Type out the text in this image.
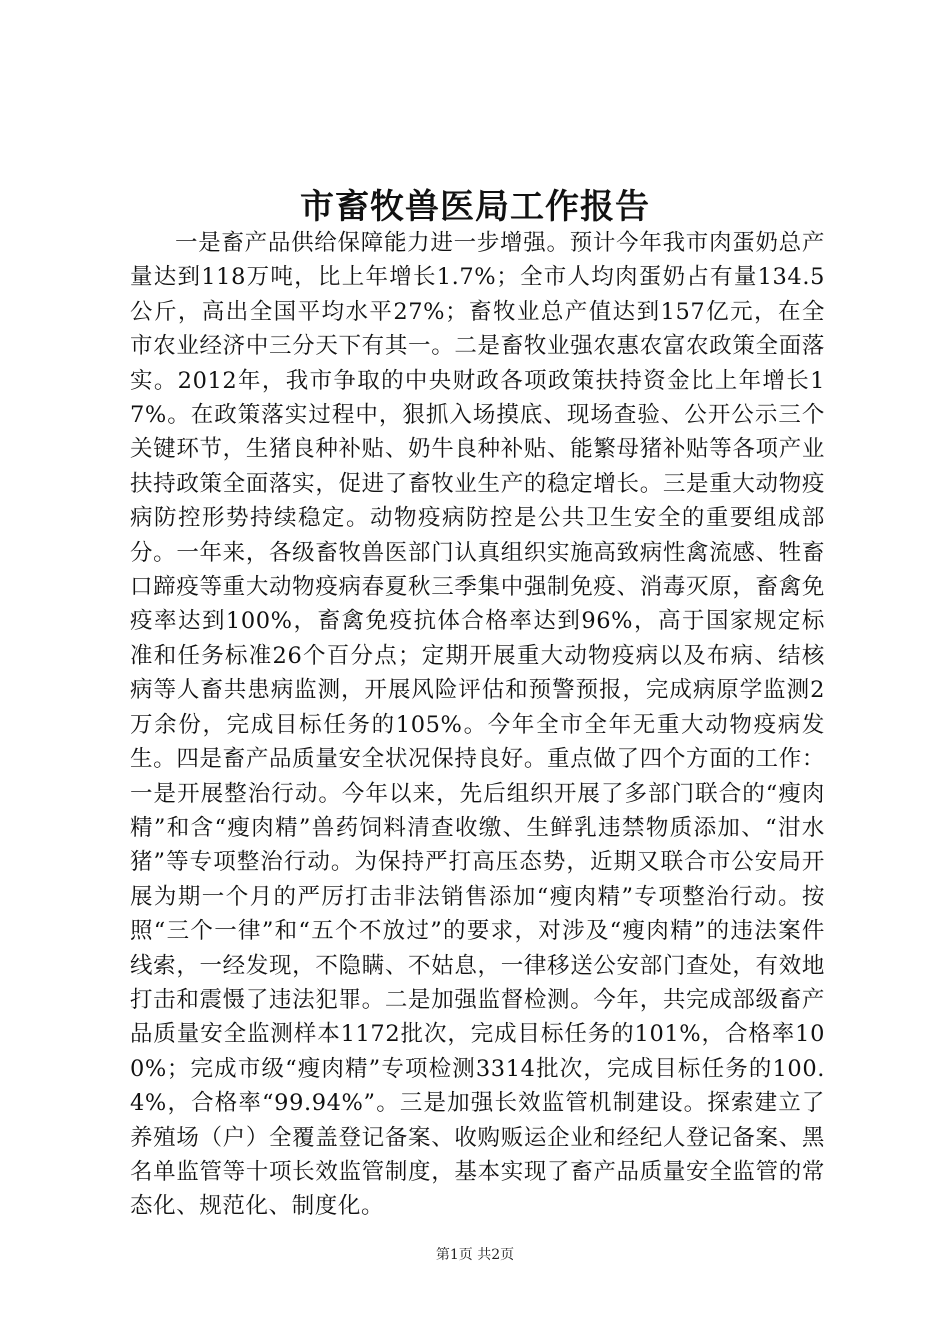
市畜牧兽医局工作报告

一是畜产品供给保障能力进一步增强。预计今年我市肉蛋奶总产量达到118万吨，比上年增长1.7%；全市人均肉蛋奶占有量134.5公斤，高出全国平均水平27%；畜牧业总产值达到157亿元，在全市农业经济中三分天下有其一。二是畜牧业强农惠农富农政策全面落实。2012年，我市争取的中央财政各项政策扶持资金比上年增长17%。在政策落实过程中，狠抓入场摸底、现场查验、公开公示三个关键环节，生猪良种补贴、奶牛良种补贴、能繁母猪补贴等各项产业扶持政策全面落实，促进了畜牧业生产的稳定增长。三是重大动物疫病防控形势持续稳定。动物疫病防控是公共卫生安全的重要组成部分。一年来，各级畜牧兽医部门认真组织实施高致病性禽流感、牲畜口蹄疫等重大动物疫病春夏秋三季集中强制免疫、消毒灭原，畜禽免疫率达到100%，畜禽免疫抗体合格率达到96%，高于国家规定标准和任务标准26个百分点；定期开展重大动物疫病以及布病、结核病等人畜共患病监测，开展风险评估和预警预报，完成病原学监测2万余份，完成目标任务的105%。今年全市全年无重大动物疫病发生。四是畜产品质量安全状况保持良好。重点做了四个方面的工作：一是开展整治行动。今年以来，先后组织开展了多部门联合的“瘦肉精”和含“瘦肉精”兽药饲料清查收缴、生鲜乳违禁物质添加、“泔水猪”等专项整治行动。为保持严打高压态势，近期又联合市公安局开展为期一个月的严厉打击非法销售添加“瘦肉精”专项整治行动。按照“三个一律”和“五个不放过”的要求，对涉及“瘦肉精”的违法案件线索，一经发现，不隐瞒、不姑息，一律移送公安部门查处，有效地打击和震慑了违法犯罪。二是加强监督检测。今年，共完成部级畜产品质量安全监测样本1172批次，完成目标任务的101%，合格率100%；完成市级“瘦肉精”专项检测3314批次，完成目标任务的100.4%，合格率“99.94%”。三是加强长效监管机制建设。探索建立了养殖场（户）全覆盖登记备案、收购贩运企业和经纪人登记备案、黑名单监管等十项长效监管制度，基本实现了畜产品质量安全监管的常态化、规范化、制度化。

第1页 共2页
